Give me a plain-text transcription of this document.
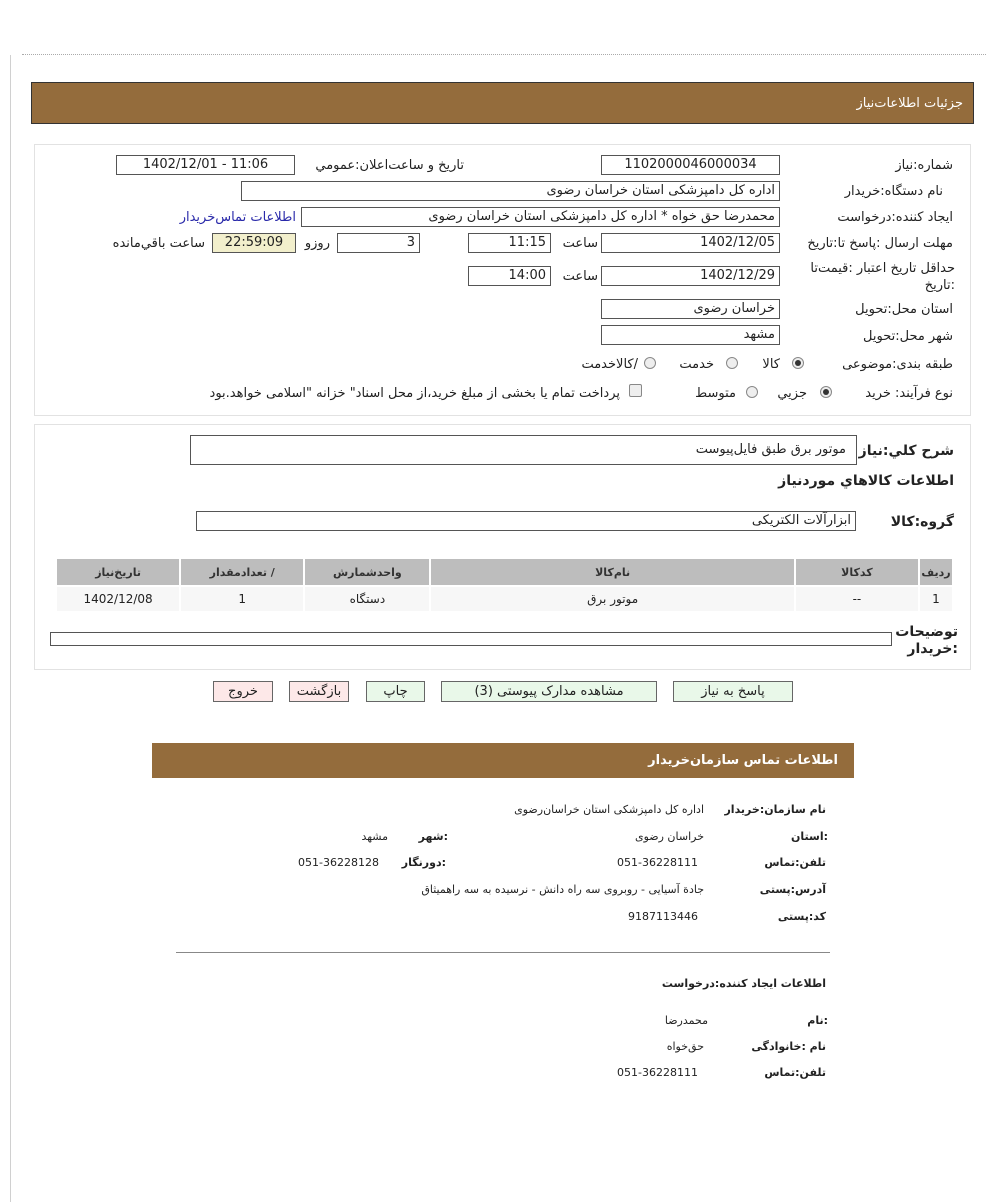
جزئيات اطلاعات‌نياز
شماره:نياز
1102000046000034
تاريخ و ساعت‌اعلان:عمومي
1402/12/01 - 11:06
نام دستگاه:خريدار
اداره کل دامپزشکی استان خراسان رضوی
ايجاد کننده:درخواست
محمدرضا حق خواه * اداره کل دامپزشکی استان خراسان رضوی
اطلاعات تماس‌خريدار
مهلت ارسال :پاسخ تا:تاريخ
1402/12/05
ساعت
11:15
3
روزو
22:59:09
ساعت باقي‌مانده
حداقل تاريخ اعتبار :قيمت‌تا
:تاريخ
1402/12/29
ساعت
14:00
استان محل:تحويل
خراسان رضوی
شهر محل:تحويل
مشهد
طبقه بندی:موضوعی
کالا
خدمت
/کالاخدمت
نوع فرآيند: خريد
جزيي
متوسط
پرداخت تمام يا بخشی از مبلغ خريد،از محل اسناد" خزانه "اسلامی خواهد.بود
شرح کلي:نياز
موتور برق طبق فایل‌پیوست
اطلاعات کالاهاي موردنياز
گروه:کالا
ابزارآلات الکتریکی
رديف	کدکالا	نام‌کالا	واحدشمارش	/ تعدادمقدار	تاريخ‌نياز
1	--	موتور برق	دستگاه	1	1402/12/08
توضيحات
:خريدار
پاسخ به نياز
مشاهده مدارک پيوستی (3)
چاپ
بازگشت
خروج
اطلاعات تماس سازمان‌خريدار
نام سازمان:خريدار
اداره کل دامپزشکی استان خراسان‌رضوی
:استان
خراسان رضوی
:شهر
مشهد
تلفن:تماس
051-36228111
:دورنگار
051-36228128
آدرس:پستی
جادة آسیایی - روبروی سه راه دانش - نرسیده به سه راهمیثاق
کد:پستی
9187113446
اطلاعات ايجاد کننده:درخواست
:نام
محمدرضا
نام :خانوادگی
حق‌خواه
تلفن:تماس
051-36228111
